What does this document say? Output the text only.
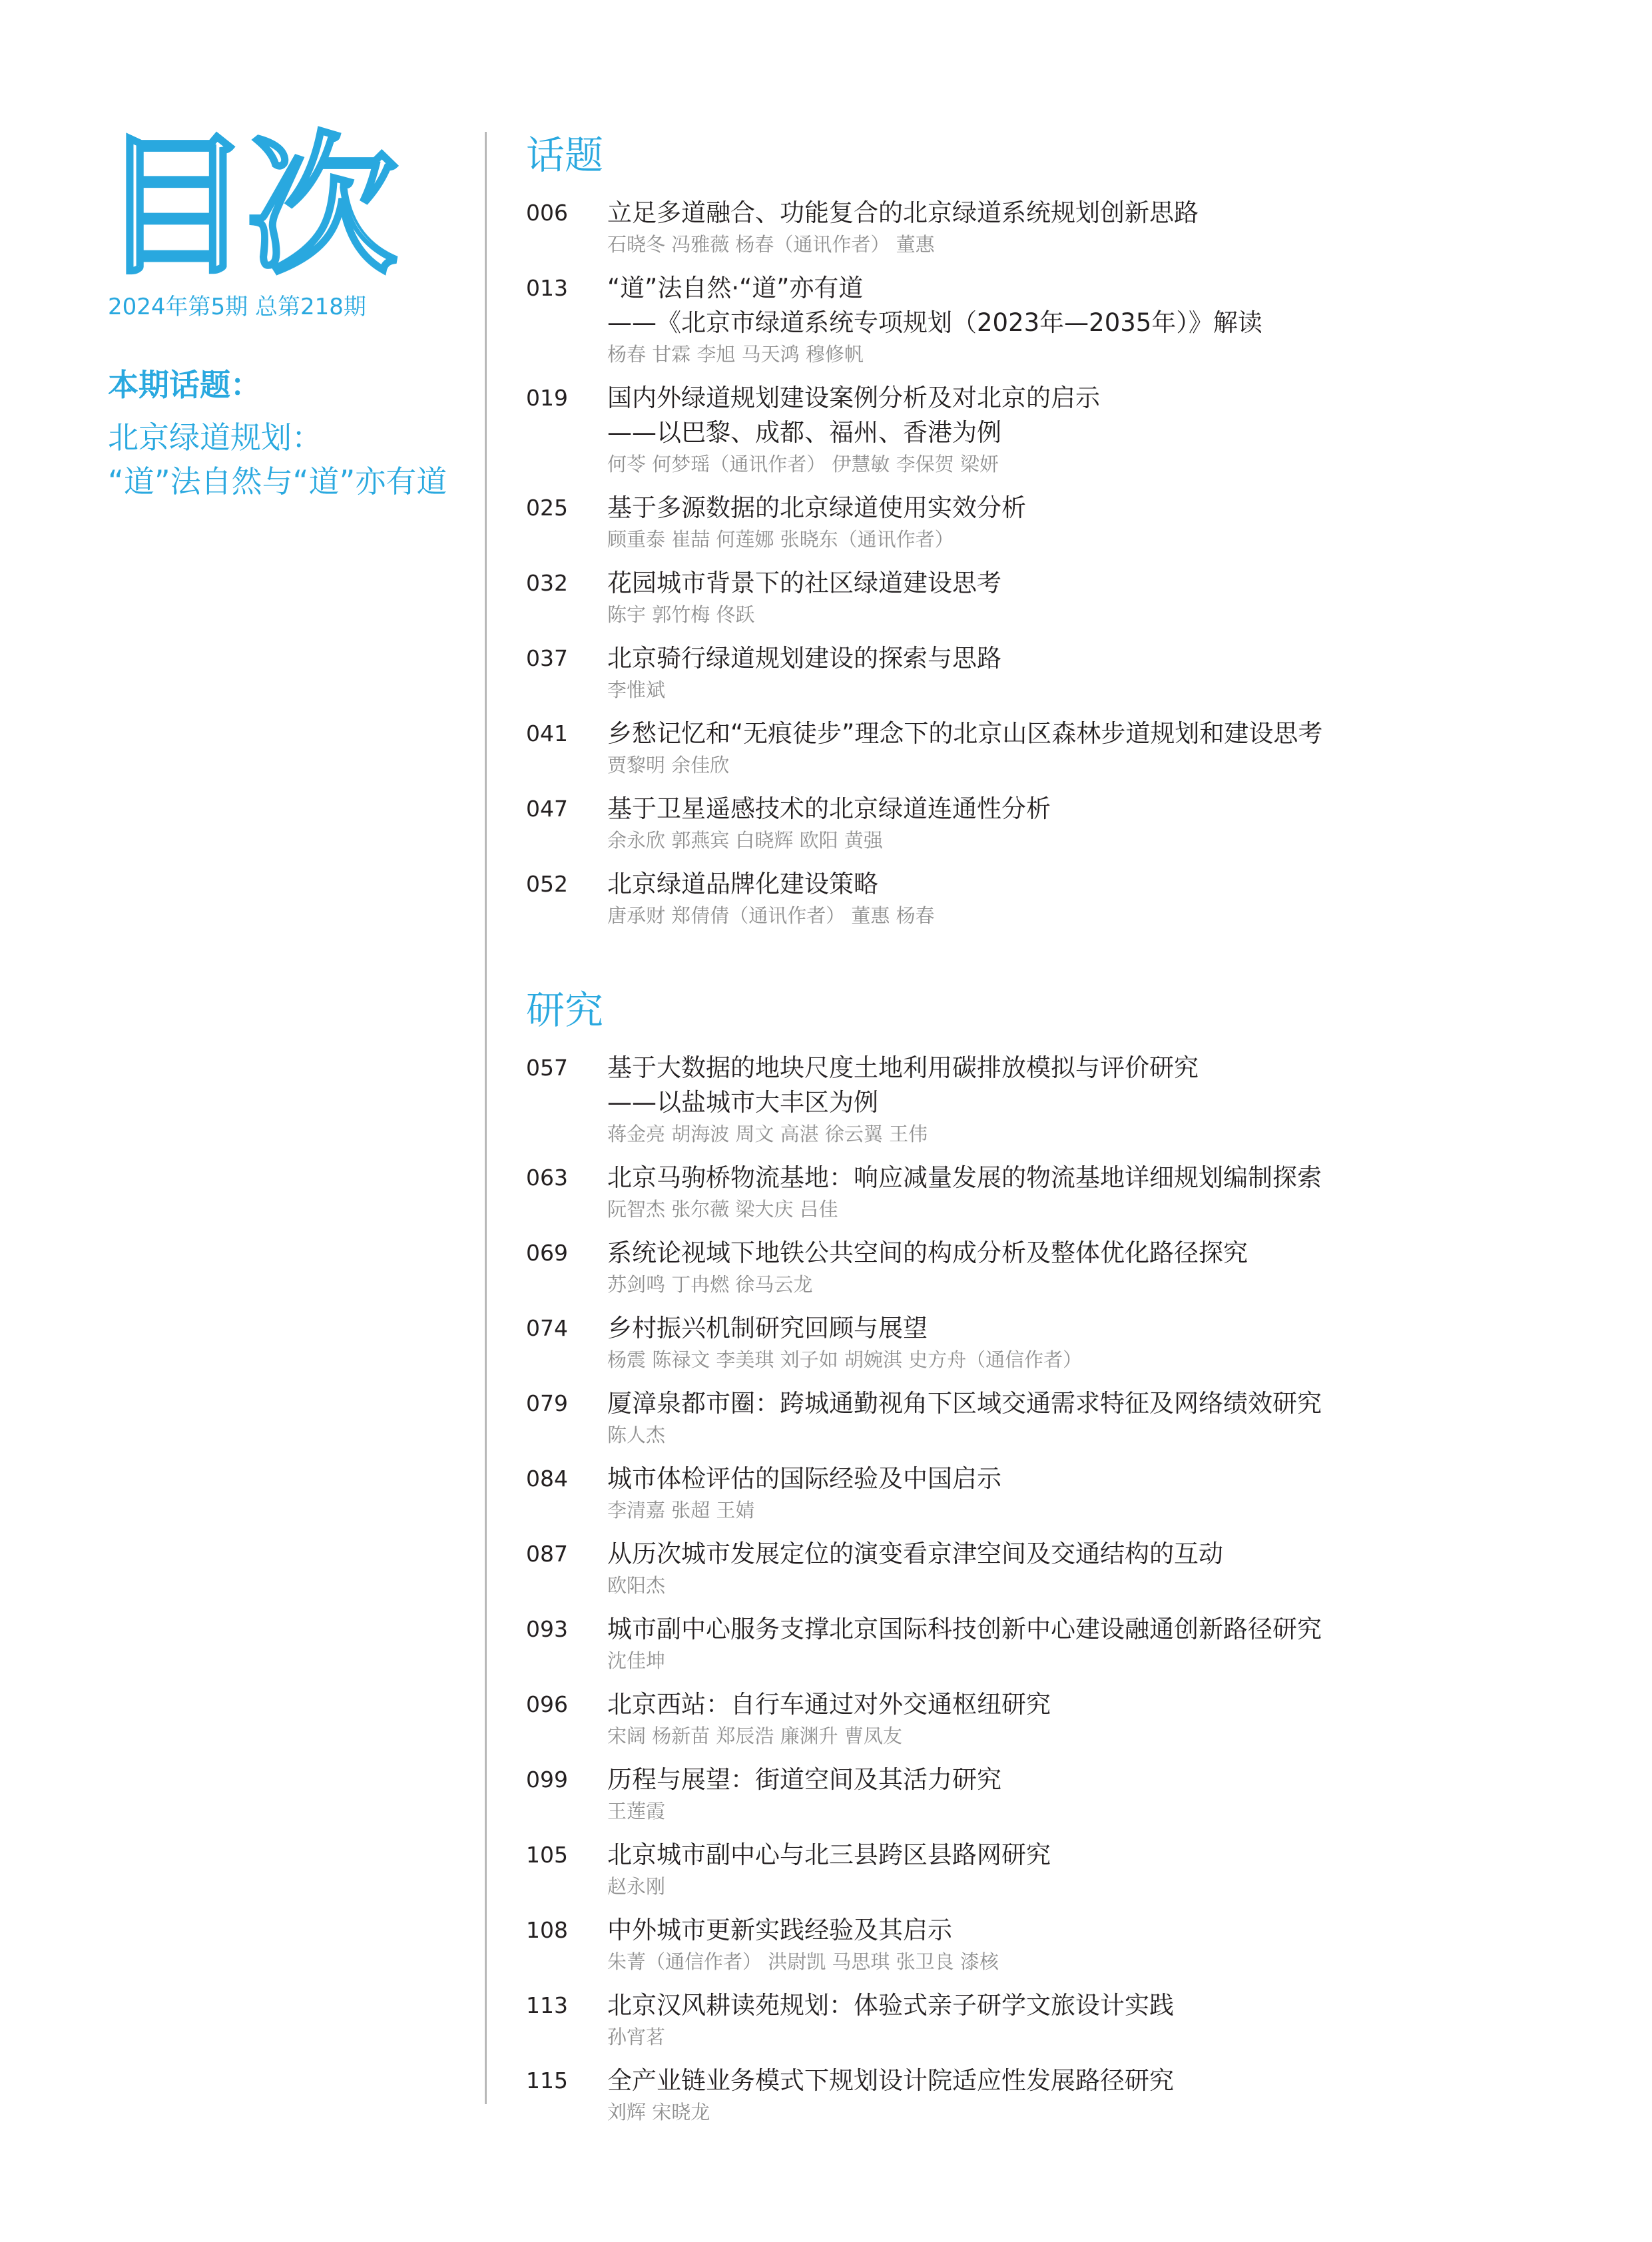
目次
2024年第5期 总第218期
本期话题：
北京绿道规划：
“道”法自然与“道”亦有道
话题
006 立足多道融合、功能复合的北京绿道系统规划创新思路
石晓冬 冯雅薇 杨春（通讯作者） 董惠
013 “道”法自然·“道”亦有道
——《北京市绿道系统专项规划（2023年—2035年）》解读
杨春 甘霖 李旭 马天鸿 穆修帆
019 国内外绿道规划建设案例分析及对北京的启示
——以巴黎、成都、福州、香港为例
何苓 何梦瑶（通讯作者） 伊慧敏 李保贺 梁妍
025 基于多源数据的北京绿道使用实效分析
顾重泰 崔喆 何莲娜 张晓东（通讯作者）
032 花园城市背景下的社区绿道建设思考
陈宇 郭竹梅 佟跃
037 北京骑行绿道规划建设的探索与思路
李惟斌
041 乡愁记忆和“无痕徒步”理念下的北京山区森林步道规划和建设思考
贾黎明 余佳欣
047 基于卫星遥感技术的北京绿道连通性分析
余永欣 郭燕宾 白晓辉 欧阳 黄强
052 北京绿道品牌化建设策略
唐承财 郑倩倩（通讯作者） 董惠 杨春
研究
057 基于大数据的地块尺度土地利用碳排放模拟与评价研究
——以盐城市大丰区为例
蒋金亮 胡海波 周文 高湛 徐云翼 王伟
063 北京马驹桥物流基地：响应减量发展的物流基地详细规划编制探索
阮智杰 张尔薇 梁大庆 吕佳
069 系统论视域下地铁公共空间的构成分析及整体优化路径探究
苏剑鸣 丁冉燃 徐马云龙
074 乡村振兴机制研究回顾与展望
杨震 陈禄文 李美琪 刘子如 胡婉淇 史方舟（通信作者）
079 厦漳泉都市圈：跨城通勤视角下区域交通需求特征及网络绩效研究
陈人杰
084 城市体检评估的国际经验及中国启示
李清嘉 张超 王婧
087 从历次城市发展定位的演变看京津空间及交通结构的互动
欧阳杰
093 城市副中心服务支撑北京国际科技创新中心建设融通创新路径研究
沈佳坤
096 北京西站：自行车通过对外交通枢纽研究
宋阔 杨新苗 郑辰浩 廉渊升 曹凤友
099 历程与展望：街道空间及其活力研究
王莲霞
105 北京城市副中心与北三县跨区县路网研究
赵永刚
108 中外城市更新实践经验及其启示
朱菁（通信作者） 洪尉凯 马思琪 张卫良 漆核
113 北京汉风耕读苑规划：体验式亲子研学文旅设计实践
孙宵茗
115 全产业链业务模式下规划设计院适应性发展路径研究
刘辉 宋晓龙
